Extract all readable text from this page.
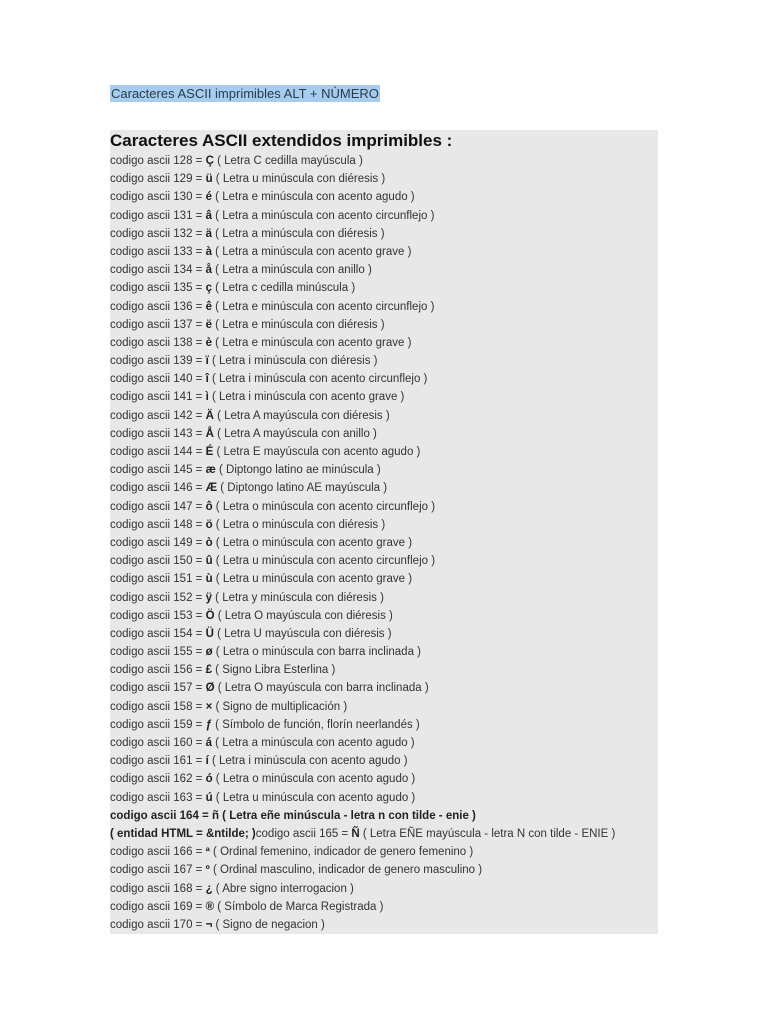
Caracteres ASCII imprimibles ALT + NÙMERO
Caracteres ASCII extendidos imprimibles :
codigo ascii 128 = Ç ( Letra C cedilla mayúscula )
codigo ascii 129 = ü ( Letra u minúscula con diéresis )
codigo ascii 130 = é ( Letra e minúscula con acento agudo )
codigo ascii 131 = â ( Letra a minúscula con acento circunflejo )
codigo ascii 132 = ä ( Letra a minúscula con diéresis )
codigo ascii 133 = à ( Letra a minúscula con acento grave )
codigo ascii 134 = å ( Letra a minúscula con anillo )
codigo ascii 135 = ç ( Letra c cedilla minúscula )
codigo ascii 136 = ê ( Letra e minúscula con acento circunflejo )
codigo ascii 137 = ë ( Letra e minúscula con diéresis )
codigo ascii 138 = è ( Letra e minúscula con acento grave )
codigo ascii 139 = ï ( Letra i minúscula con diéresis )
codigo ascii 140 = î ( Letra i minúscula con acento circunflejo )
codigo ascii 141 = ì ( Letra i minúscula con acento grave )
codigo ascii 142 = Ä ( Letra A mayúscula con diéresis )
codigo ascii 143 = Å ( Letra A mayúscula con anillo )
codigo ascii 144 = É ( Letra E mayúscula con acento agudo )
codigo ascii 145 = æ ( Diptongo latino ae minúscula )
codigo ascii 146 = Æ ( Diptongo latino AE mayúscula )
codigo ascii 147 = ô ( Letra o minúscula con acento circunflejo )
codigo ascii 148 = ö ( Letra o minúscula con diéresis )
codigo ascii 149 = ò ( Letra o minúscula con acento grave )
codigo ascii 150 = û ( Letra u minúscula con acento circunflejo )
codigo ascii 151 = ù ( Letra u minúscula con acento grave )
codigo ascii 152 = ÿ ( Letra y minúscula con diéresis )
codigo ascii 153 = Ö ( Letra O mayúscula con diéresis )
codigo ascii 154 = Ü ( Letra U mayúscula con diéresis )
codigo ascii 155 = ø ( Letra o minúscula con barra inclinada )
codigo ascii 156 = £ ( Signo Libra Esterlina )
codigo ascii 157 = Ø ( Letra O mayúscula con barra inclinada )
codigo ascii 158 = × ( Signo de multiplicación )
codigo ascii 159 = ƒ ( Símbolo de función, florín neerlandés )
codigo ascii 160 = á ( Letra a minúscula con acento agudo )
codigo ascii 161 = í ( Letra i minúscula con acento agudo )
codigo ascii 162 = ó ( Letra o minúscula con acento agudo )
codigo ascii 163 = ú ( Letra u minúscula con acento agudo )
codigo ascii 164 = ñ ( Letra eñe minúscula - letra n con tilde - enie )
( entidad HTML = &ntilde; )codigo ascii 165 = Ñ ( Letra EÑE mayúscula - letra N con tilde - ENIE )
codigo ascii 166 = ª ( Ordinal femenino, indicador de genero femenino )
codigo ascii 167 = º ( Ordinal masculino, indicador de genero masculino )
codigo ascii 168 = ¿ ( Abre signo interrogacion )
codigo ascii 169 = ® ( Símbolo de Marca Registrada )
codigo ascii 170 = ¬ ( Signo de negacion )
